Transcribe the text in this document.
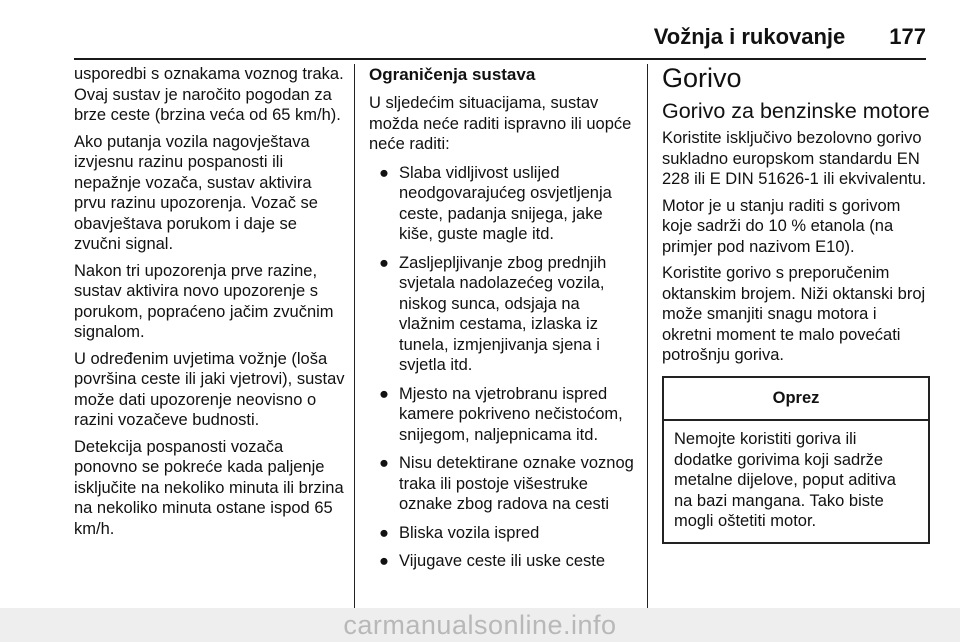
Vožnja i rukovanje 177

usporedbi s oznakama voznog traka. Ovaj sustav je naročito pogodan za brze ceste (brzina veća od 65 km/h).

Ako putanja vozila nagovještava izvjesnu razinu pospanosti ili nepažnje vozača, sustav aktivira prvu razinu upozorenja. Vozač se obavještava porukom i daje se zvučni signal.

Nakon tri upozorenja prve razine, sustav aktivira novo upozorenje s porukom, popraćeno jačim zvučnim signalom.

U određenim uvjetima vožnje (loša površina ceste ili jaki vjetrovi), sustav može dati upozorenje neovisno o razini vozačeve budnosti.

Detekcija pospanosti vozača ponovno se pokreće kada paljenje isključite na nekoliko minuta ili brzina na nekoliko minuta ostane ispod 65 km/h.

Ograničenja sustava

U sljedećim situacijama, sustav možda neće raditi ispravno ili uopće neće raditi:

● Slaba vidljivost uslijed neodgovarajućeg osvjetljenja ceste, padanja snijega, jake kiše, guste magle itd.
● Zasljepljivanje zbog prednjih svjetala nadolazećeg vozila, niskog sunca, odsjaja na vlažnim cestama, izlaska iz tunela, izmjenjivanja sjena i svjetla itd.
● Mjesto na vjetrobranu ispred kamere pokriveno nečistoćom, snijegom, naljepnicama itd.
● Nisu detektirane oznake voznog traka ili postoje višestruke oznake zbog radova na cesti
● Bliska vozila ispred
● Vijugave ceste ili uske ceste
Gorivo
Gorivo za benzinske motore

Koristite isključivo bezolovno gorivo sukladno europskom standardu EN 228 ili E DIN 51626-1 ili ekvivalentu.

Motor je u stanju raditi s gorivom koje sadrži do 10 % etanola (na primjer pod nazivom E10).

Koristite gorivo s preporučenim oktanskim brojem. Niži oktanski broj može smanjiti snagu motora i okretni moment te malo povećati potrošnju goriva.

Oprez
Nemojte koristiti goriva ili dodatke gorivima koji sadrže metalne dijelove, poput aditiva na bazi mangana. Tako biste mogli oštetiti motor.
carmanualsonline.info
